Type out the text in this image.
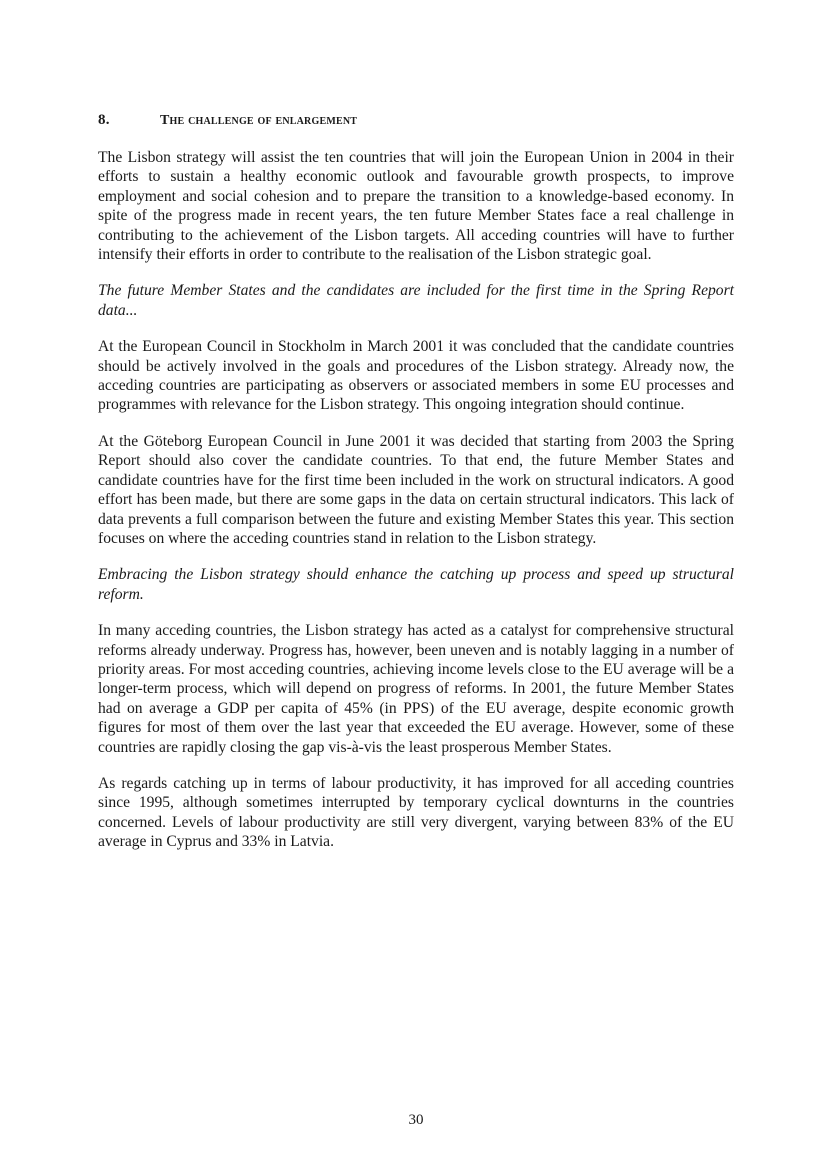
8.	The challenge of enlargement

The Lisbon strategy will assist the ten countries that will join the European Union in 2004 in their efforts to sustain a healthy economic outlook and favourable growth prospects, to improve employment and social cohesion and to prepare the transition to a knowledge-based economy. In spite of the progress made in recent years, the ten future Member States face a real challenge in contributing to the achievement of the Lisbon targets. All acceding countries will have to further intensify their efforts in order to contribute to the realisation of the Lisbon strategic goal.

The future Member States and the candidates are included for the first time in the Spring Report data...

At the European Council in Stockholm in March 2001 it was concluded that the candidate countries should be actively involved in the goals and procedures of the Lisbon strategy. Already now, the acceding countries are participating as observers or associated members in some EU processes and programmes with relevance for the Lisbon strategy. This ongoing integration should continue.

At the Göteborg European Council in June 2001 it was decided that starting from 2003 the Spring Report should also cover the candidate countries. To that end, the future Member States and candidate countries have for the first time been included in the work on structural indicators. A good effort has been made, but there are some gaps in the data on certain structural indicators. This lack of data prevents a full comparison between the future and existing Member States this year. This section focuses on where the acceding countries stand in relation to the Lisbon strategy.

Embracing the Lisbon strategy should enhance the catching up process and speed up structural reform.

In many acceding countries, the Lisbon strategy has acted as a catalyst for comprehensive structural reforms already underway. Progress has, however, been uneven and is notably lagging in a number of priority areas. For most acceding countries, achieving income levels close to the EU average will be a longer-term process, which will depend on progress of reforms. In 2001, the future Member States had on average a GDP per capita of 45% (in PPS) of the EU average, despite economic growth figures for most of them over the last year that exceeded the EU average. However, some of these countries are rapidly closing the gap vis-à-vis the least prosperous Member States.

As regards catching up in terms of labour productivity, it has improved for all acceding countries since 1995, although sometimes interrupted by temporary cyclical downturns in the countries concerned. Levels of labour productivity are still very divergent, varying between 83% of the EU average in Cyprus and 33% in Latvia.

30
